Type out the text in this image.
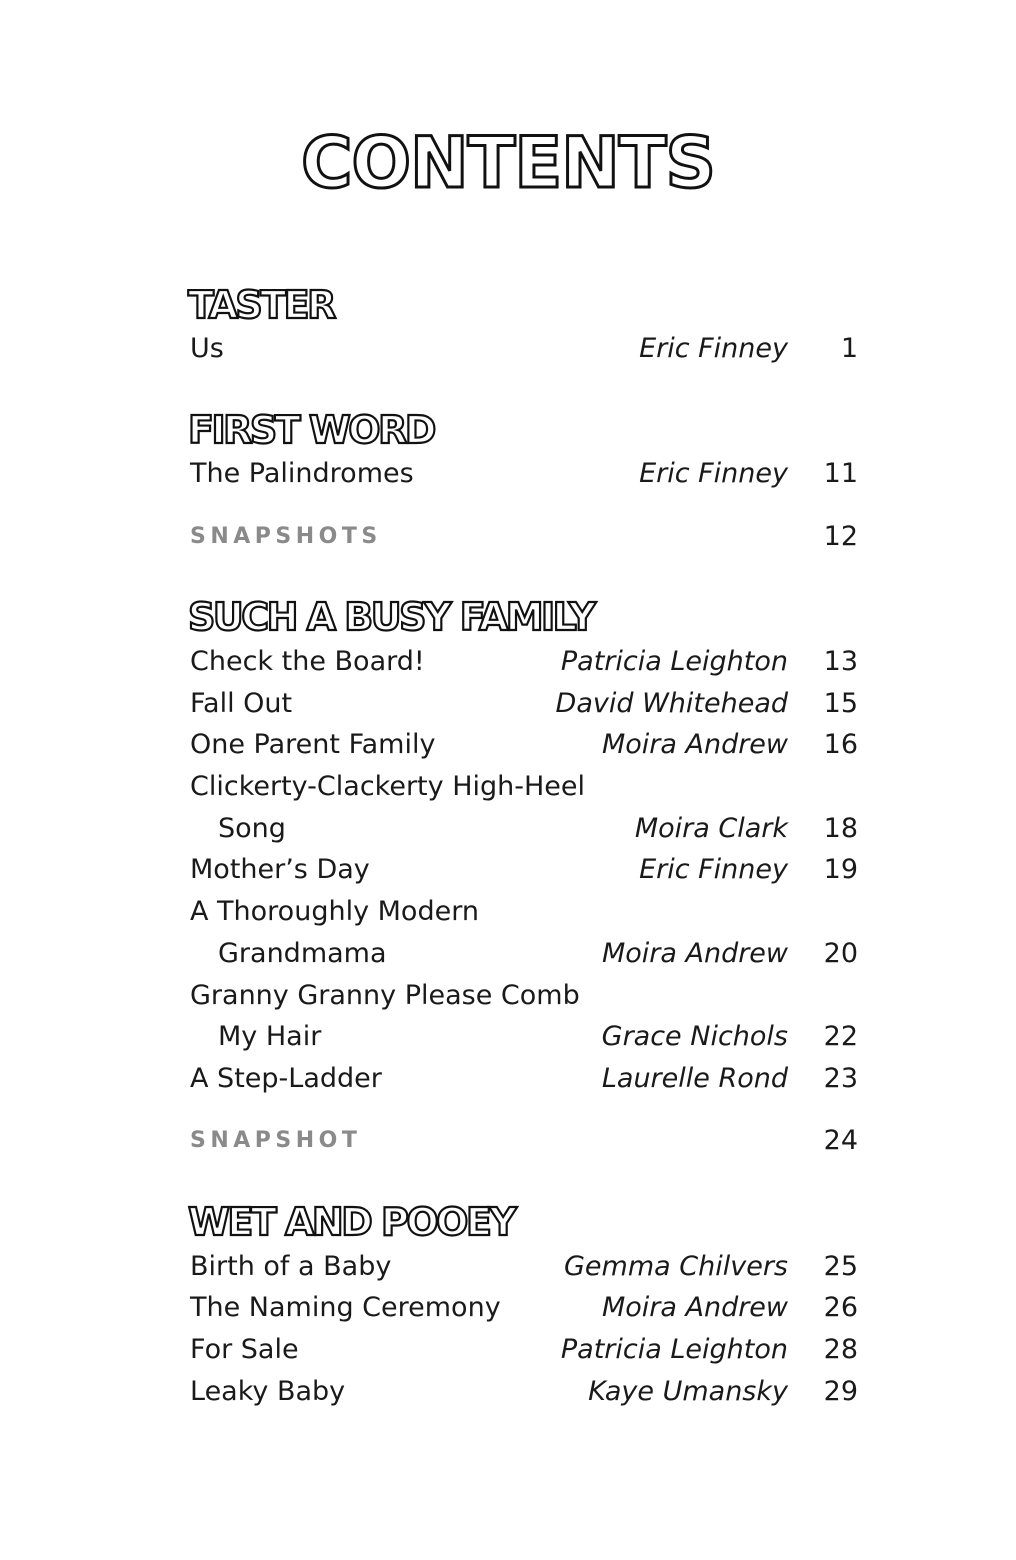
CONTENTS
TASTER
Us	Eric Finney 1
FIRST WORD
The Palindromes	Eric Finney 11
SNAPSHOTS	12
SUCH A BUSY FAMILY
Check the Board!	Patricia Leighton 13
Fall Out	David Whitehead 15
One Parent Family	Moira Andrew 16
Clickerty-Clackerty High-Heel
Song	Moira Clark 18
Mother’s Day	Eric Finney 19
A Thoroughly Modern
Grandmama	Moira Andrew 20
Granny Granny Please Comb
My Hair	Grace Nichols 22
A Step-Ladder	Laurelle Rond 23
SNAPSHOT	24
WET AND POOEY
Birth of a Baby	Gemma Chilvers 25
The Naming Ceremony	Moira Andrew 26
For Sale	Patricia Leighton 28
Leaky Baby	Kaye Umansky 29
